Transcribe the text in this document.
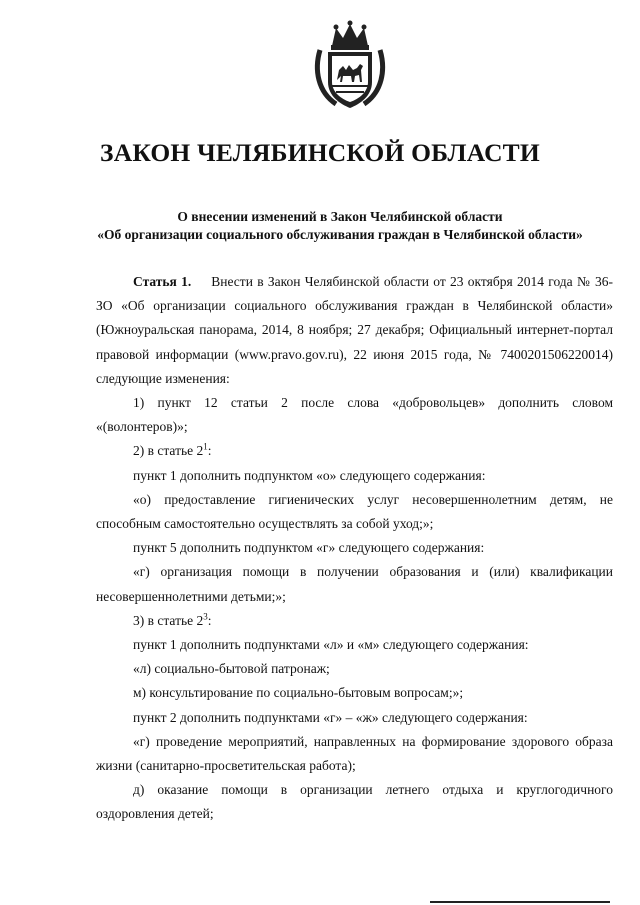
ЗАКОН ЧЕЛЯБИНСКОЙ ОБЛАСТИ
О внесении изменений в Закон Челябинской области
«Об организации социального обслуживания граждан в Челябинской области»

Статья 1. Внести в Закон Челябинской области от 23 октября 2014 года № 36-ЗО «Об организации социального обслуживания граждан в Челябинской области» (Южноуральская панорама, 2014, 8 ноября; 27 декабря; Официальный интернет-портал правовой информации (www.pravo.gov.ru), 22 июня 2015 года, № 7400201506220014) следующие изменения:

1) пункт 12 статьи 2 после слова «добровольцев» дополнить словом «(волонтеров)»;

2) в статье $2^1$:

пункт 1 дополнить подпунктом «о» следующего содержания:

«о) предоставление гигиенических услуг несовершеннолетним детям, не способным самостоятельно осуществлять за собой уход;»;

пункт 5 дополнить подпунктом «г» следующего содержания:

«г) организация помощи в получении образования и (или) квалификации несовершеннолетними детьми;»;

3) в статье $2^3$:

пункт 1 дополнить подпунктами «л» и «м» следующего содержания:

«л) социально-бытовой патронаж;

м) консультирование по социально-бытовым вопросам;»;

пункт 2 дополнить подпунктами «г» – «ж» следующего содержания:

«г) проведение мероприятий, направленных на формирование здорового образа жизни (санитарно-просветительская работа);

д) оказание помощи в организации летнего отдыха и круглогодичного оздоровления детей;
